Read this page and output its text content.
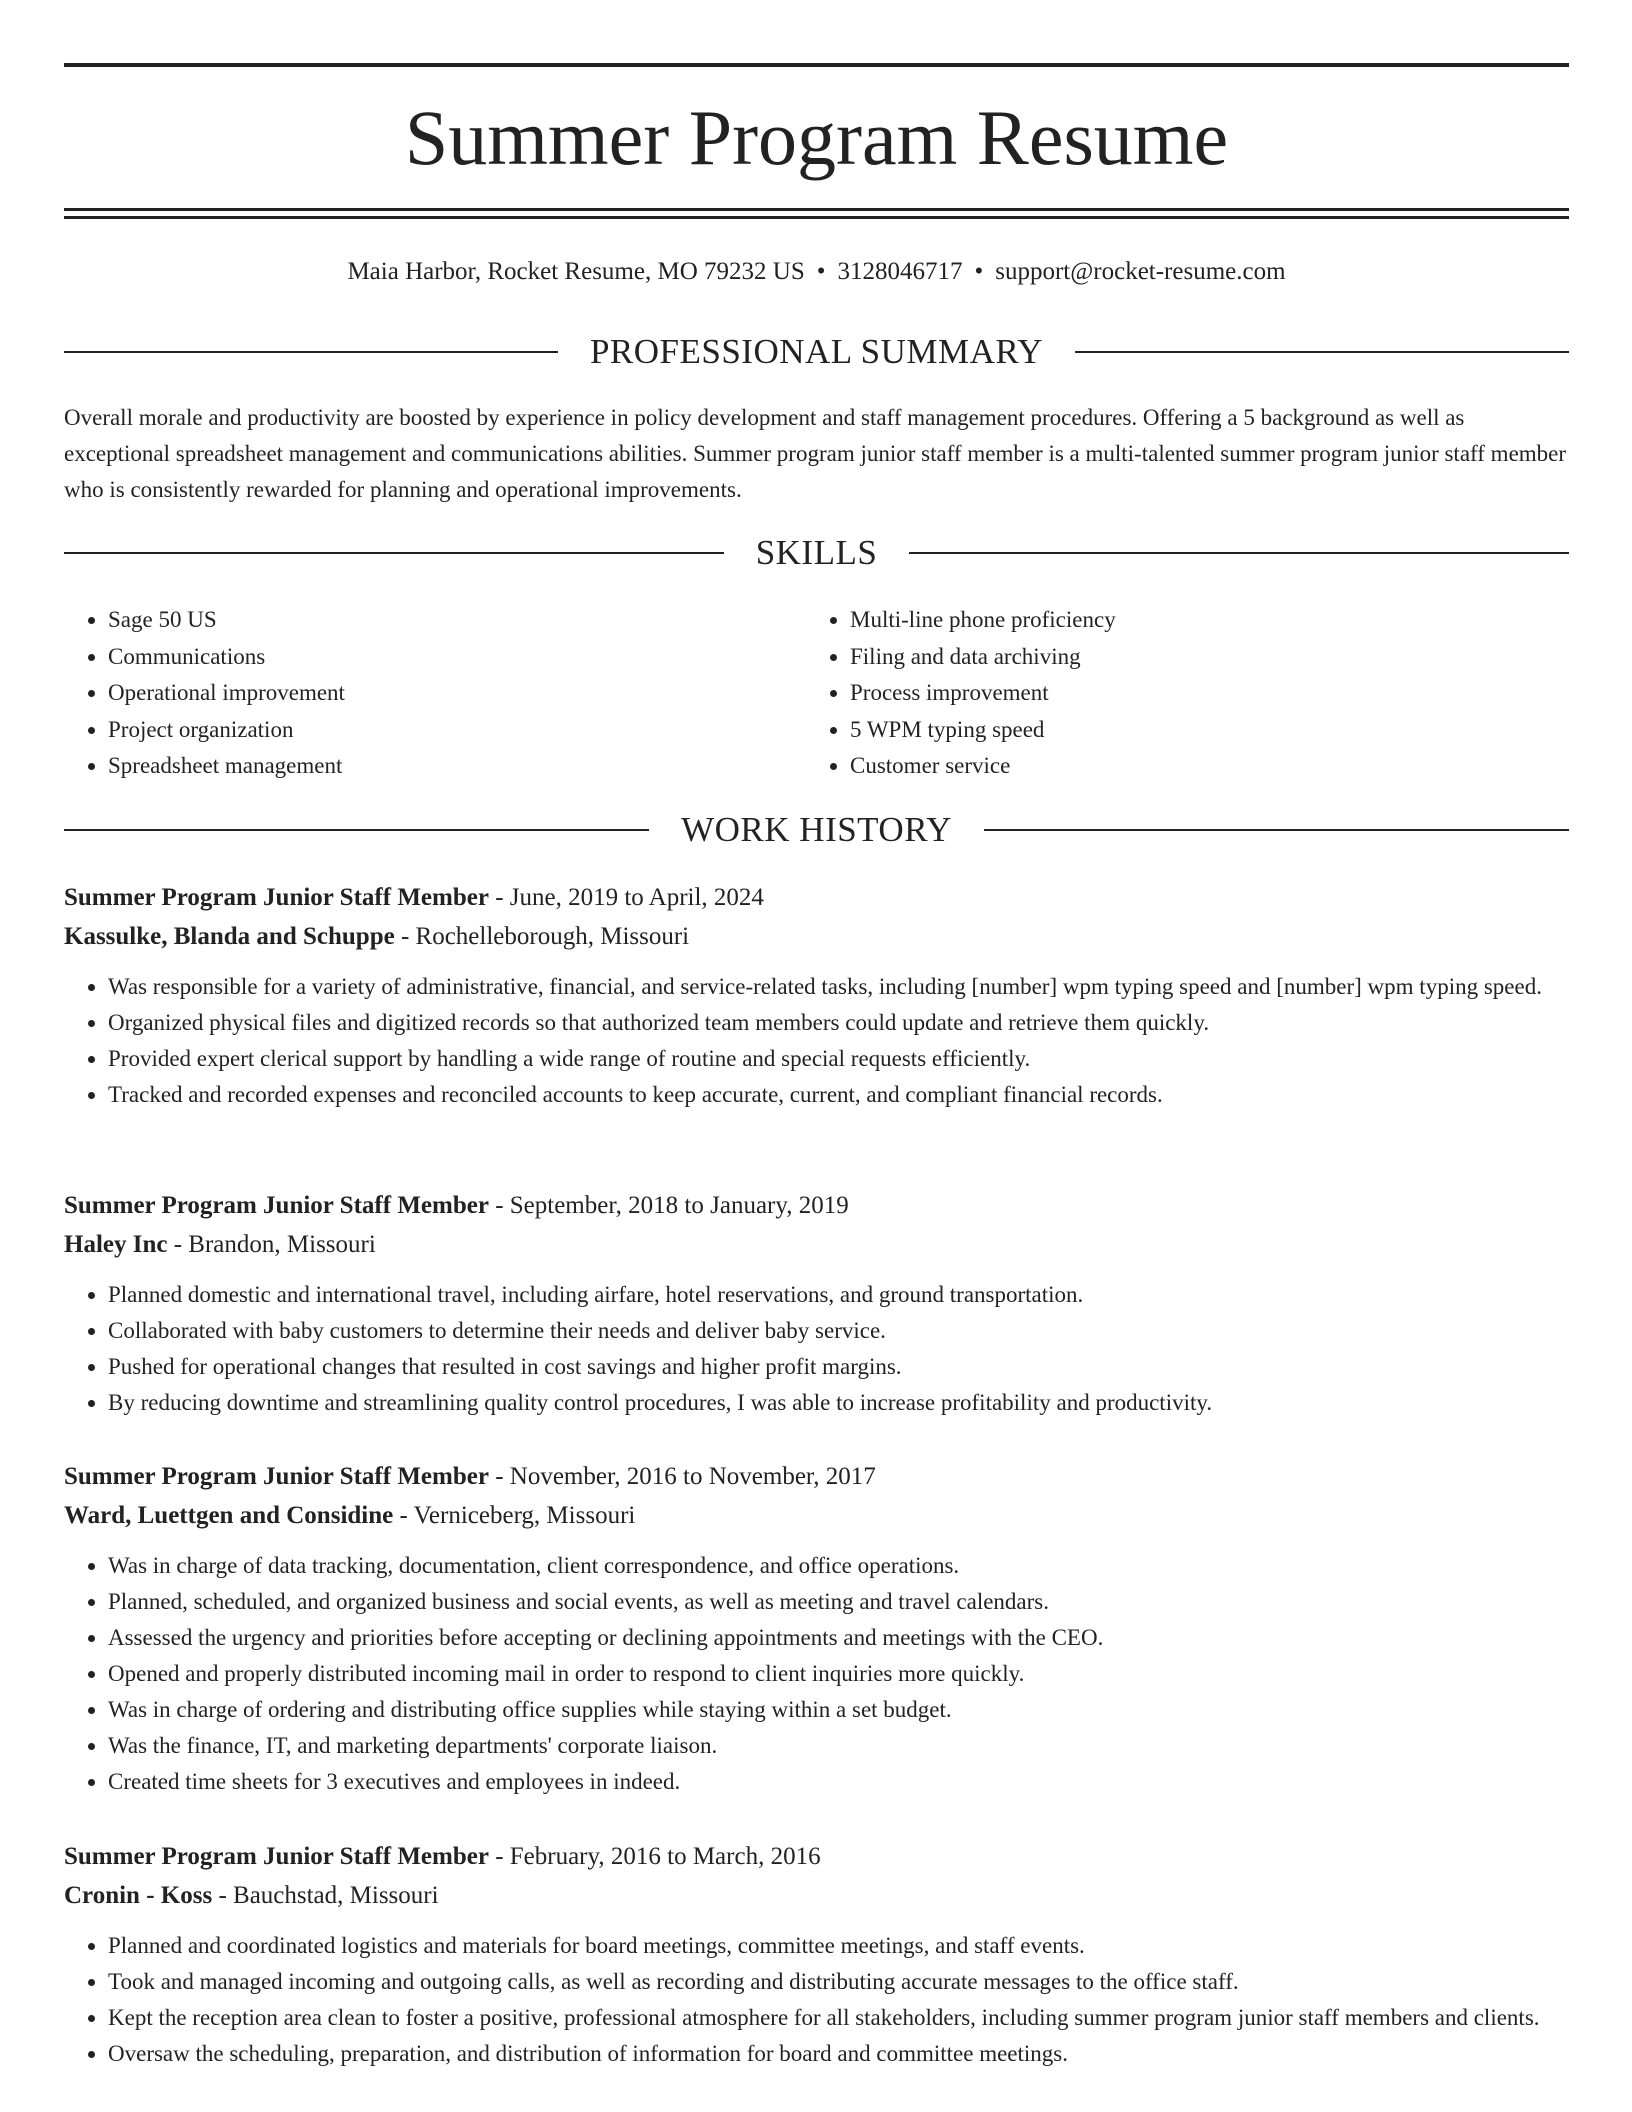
Summer Program Resume
Maia Harbor, Rocket Resume, MO 79232 US • 3128046717 • support@rocket-resume.com
PROFESSIONAL SUMMARY

Overall morale and productivity are boosted by experience in policy development and staff management procedures. Offering a 5 background as well as exceptional spreadsheet management and communications abilities. Summer program junior staff member is a multi-talented summer program junior staff member who is consistently rewarded for planning and operational improvements.

SKILLS
• Sage 50 US
• Communications
• Operational improvement
• Project organization
• Spreadsheet management
• Multi-line phone proficiency
• Filing and data archiving
• Process improvement
• 5 WPM typing speed
• Customer service
WORK HISTORY

Summer Program Junior Staff Member - June, 2019 to April, 2024

Kassulke, Blanda and Schuppe - Rochelleborough, Missouri

• Was responsible for a variety of administrative, financial, and service-related tasks, including [number] wpm typing speed and [number] wpm typing speed.
• Organized physical files and digitized records so that authorized team members could update and retrieve them quickly.
• Provided expert clerical support by handling a wide range of routine and special requests efficiently.
• Tracked and recorded expenses and reconciled accounts to keep accurate, current, and compliant financial records.

Summer Program Junior Staff Member - September, 2018 to January, 2019

Haley Inc - Brandon, Missouri

• Planned domestic and international travel, including airfare, hotel reservations, and ground transportation.
• Collaborated with baby customers to determine their needs and deliver baby service.
• Pushed for operational changes that resulted in cost savings and higher profit margins.
• By reducing downtime and streamlining quality control procedures, I was able to increase profitability and productivity.

Summer Program Junior Staff Member - November, 2016 to November, 2017

Ward, Luettgen and Considine - Verniceberg, Missouri

• Was in charge of data tracking, documentation, client correspondence, and office operations.
• Planned, scheduled, and organized business and social events, as well as meeting and travel calendars.
• Assessed the urgency and priorities before accepting or declining appointments and meetings with the CEO.
• Opened and properly distributed incoming mail in order to respond to client inquiries more quickly.
• Was in charge of ordering and distributing office supplies while staying within a set budget.
• Was the finance, IT, and marketing departments' corporate liaison.
• Created time sheets for 3 executives and employees in indeed.

Summer Program Junior Staff Member - February, 2016 to March, 2016

Cronin - Koss - Bauchstad, Missouri

• Planned and coordinated logistics and materials for board meetings, committee meetings, and staff events.
• Took and managed incoming and outgoing calls, as well as recording and distributing accurate messages to the office staff.
• Kept the reception area clean to foster a positive, professional atmosphere for all stakeholders, including summer program junior staff members and clients.
• Oversaw the scheduling, preparation, and distribution of information for board and committee meetings.
